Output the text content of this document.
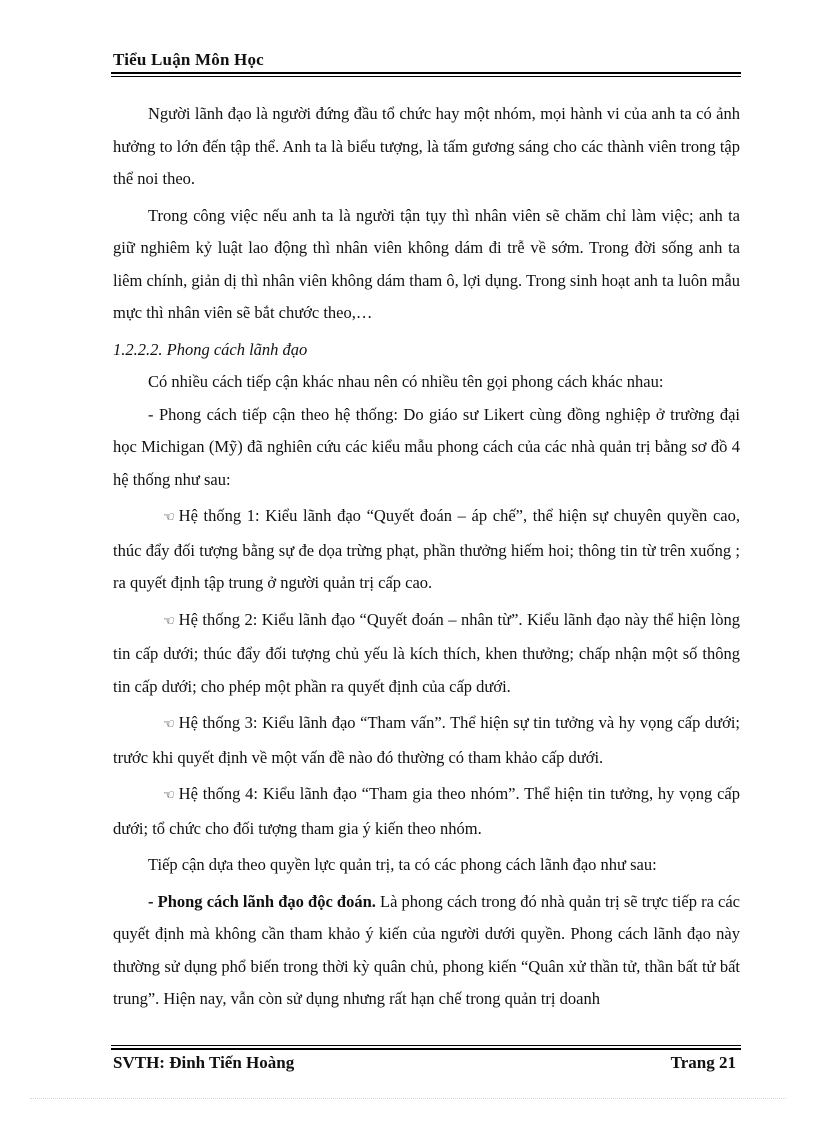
Tiểu Luận Môn Học

Người lãnh đạo là người đứng đầu tổ chức hay một nhóm, mọi hành vi của anh ta có ảnh hưởng to lớn đến tập thể. Anh ta là biểu tượng, là tấm gương sáng cho các thành viên trong tập thể noi theo.

Trong công việc nếu anh ta là người tận tụy thì nhân viên sẽ chăm chỉ làm việc; anh ta giữ nghiêm kỷ luật lao động thì nhân viên không dám đi trễ về sớm. Trong đời sống anh ta liêm chính, giản dị thì nhân viên không dám tham ô, lợi dụng. Trong sinh hoạt anh ta luôn mẫu mực thì nhân viên sẽ bắt chước theo,…

1.2.2.2. Phong cách lãnh đạo

Có nhiều cách tiếp cận khác nhau nên có nhiều tên gọi phong cách khác nhau:

- Phong cách tiếp cận theo hệ thống: Do giáo sư Likert cùng đồng nghiệp ở trường đại học Michigan (Mỹ) đã nghiên cứu các kiểu mẫu phong cách của các nhà quản trị bằng sơ đồ 4 hệ thống như sau:

☜ Hệ thống 1: Kiểu lãnh đạo “Quyết đoán – áp chế”, thể hiện sự chuyên quyền cao, thúc đẩy đối tượng bằng sự đe dọa trừng phạt, phần thưởng hiếm hoi; thông tin từ trên xuống ; ra quyết định tập trung ở người quản trị cấp cao.

☜ Hệ thống 2: Kiểu lãnh đạo “Quyết đoán – nhân từ”. Kiểu lãnh đạo này thể hiện lòng tin cấp dưới; thúc đẩy đối tượng chủ yếu là kích thích, khen thưởng; chấp nhận một số thông tin cấp dưới; cho phép một phần ra quyết định của cấp dưới.

☜ Hệ thống 3: Kiểu lãnh đạo “Tham vấn”. Thể hiện sự tin tưởng và hy vọng cấp dưới; trước khi quyết định về một vấn đề nào đó thường có tham khảo cấp dưới.

☜ Hệ thống 4: Kiểu lãnh đạo “Tham gia theo nhóm”. Thể hiện tin tưởng, hy vọng cấp dưới; tổ chức cho đối tượng tham gia ý kiến theo nhóm.

Tiếp cận dựa theo quyền lực quản trị, ta có các phong cách lãnh đạo như sau:

- Phong cách lãnh đạo độc đoán. Là phong cách trong đó nhà quản trị sẽ trực tiếp ra các quyết định mà không cần tham khảo ý kiến của người dưới quyền. Phong cách lãnh đạo này thường sử dụng phổ biến trong thời kỳ quân chủ, phong kiến “Quân xử thần tử, thần bất tử bất trung”. Hiện nay, vẫn còn sử dụng nhưng rất hạn chế trong quản trị doanh

SVTH: Đinh Tiến Hoàng	Trang 21
